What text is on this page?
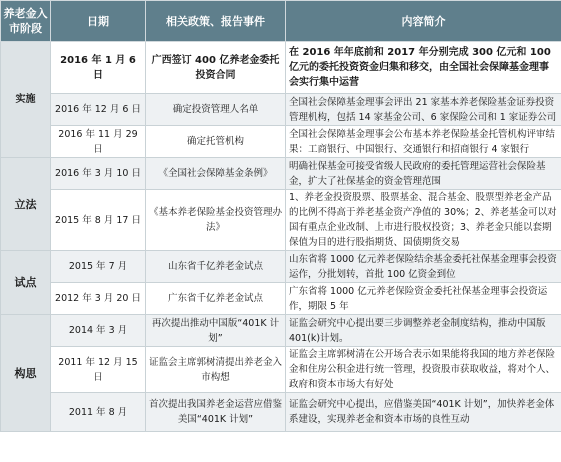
养老金入市阶段	日期	相关政策、报告事件	内容简介
实施	2016 年 1 月 6 日	广西签订 400 亿养老金委托投资合同	在 2016 年年底前和 2017 年分别完成 300 亿元和 100 亿元的委托投资资金归集和移交，由全国社会保障基金理事会实行集中运营
	2016 年 12 月 6 日	确定投资管理人名单	全国社会保障基金理事会评出 21 家基本养老保险基金证券投资管理机构，包括 14 家基金公司、6 家保险公司和 1 家证券公司
	2016 年 11 月 29 日	确定托管机构	全国社会保障基金理事会公布基本养老保险基金托管机构评审结果：工商银行、中国银行、交通银行和招商银行 4 家银行
立法	2016 年 3 月 10 日	《全国社会保障基金条例》	明确社保基金可接受省级人民政府的委托管理运营社会保险基金，扩大了社保基金的资金管理范围
	2015 年 8 月 17 日	《基本养老保险基金投资管理办法》	1、养老金投资股票、股票基金、混合基金、股票型养老金产品的比例不得高于养老基金资产净值的 30%；2、养老基金可以对国有重点企业改制、上市进行股权投资；3、养老金只能以套期保值为目的进行股指期货、国债期货交易
试点	2015 年 7 月	山东省千亿养老金试点	山东省将 1000 亿元养老保险结余基金委托社保基金理事会投资运作，分批划转，首批 100 亿资金到位
	2012 年 3 月 20 日	广东省千亿养老金试点	广东省将 1000 亿元养老保险资金委托社保基金理事会投资运作，期限 5 年
构思	2014 年 3 月	再次提出推动中国版“401K 计划”	证监会研究中心提出要三步调整养老金制度结构，推动中国版 401(k)计划。
	2011 年 12 月 15 日	证监会主席郭树清提出养老金入市构想	证监会主席郭树清在公开场合表示如果能将我国的地方养老保险金和住房公积金进行统一管理，投资股市获取收益，将对个人、政府和资本市场大有好处
	2011 年 8 月	首次提出我国养老金运营应借鉴美国“401K 计划”	证监会研究中心提出，应借鉴美国“401K 计划”，加快养老金体系建设，实现养老金和资本市场的良性互动
